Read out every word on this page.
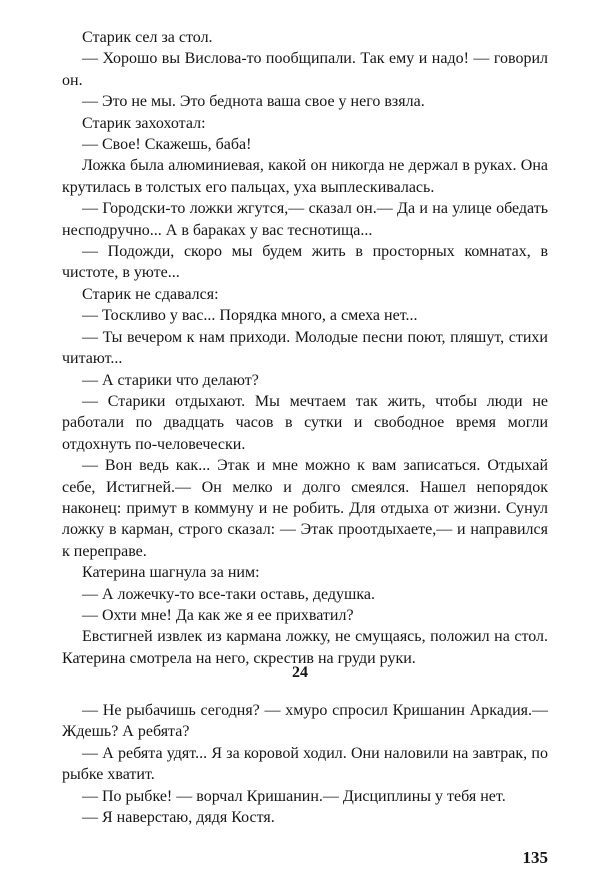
Старик сел за стол.

— Хорошо вы Вислова-то пообщипали. Так ему и надо! — говорил он.

— Это не мы. Это беднота ваша свое у него взяла.

Старик захохотал:

— Свое! Скажешь, баба!

Ложка была алюминиевая, какой он никогда не держал в руках. Она крутилась в толстых его пальцах, уха выплескивалась.

— Городски-то ложки жгутся,— сказал он.— Да и на улице обедать несподручно... А в бараках у вас теснотища...

— Подожди, скоро мы будем жить в просторных комнатах, в чистоте, в уюте...

Старик не сдавался:

— Тоскливо у вас... Порядка много, а смеха нет...

— Ты вечером к нам приходи. Молодые песни поют, пляшут, стихи читают...

— А старики что делают?

— Старики отдыхают. Мы мечтаем так жить, чтобы люди не работали по двадцать часов в сутки и свободное время могли отдохнуть по-человечески.

— Вон ведь как... Этак и мне можно к вам записаться. Отдыхай себе, Истигней.— Он мелко и долго смеялся. Нашел непорядок наконец: примут в коммуну и не робить. Для отдыха от жизни. Сунул ложку в карман, строго сказал: — Этак проотдыхаете,— и направился к переправе.

Катерина шагнула за ним:

— А ложечку-то все-таки оставь, дедушка.

— Охти мне! Да как же я ее прихватил?

Евстигней извлек из кармана ложку, не смущаясь, положил на стол. Катерина смотрела на него, скрестив на груди руки.

24

— Не рыбачишь сегодня? — хмуро спросил Кришанин Аркадия.— Ждешь? А ребята?

— А ребята удят... Я за коровой ходил. Они наловили на завтрак, по рыбке хватит.

— По рыбке! — ворчал Кришанин.— Дисциплины у тебя нет.

— Я наверстаю, дядя Костя.

135
